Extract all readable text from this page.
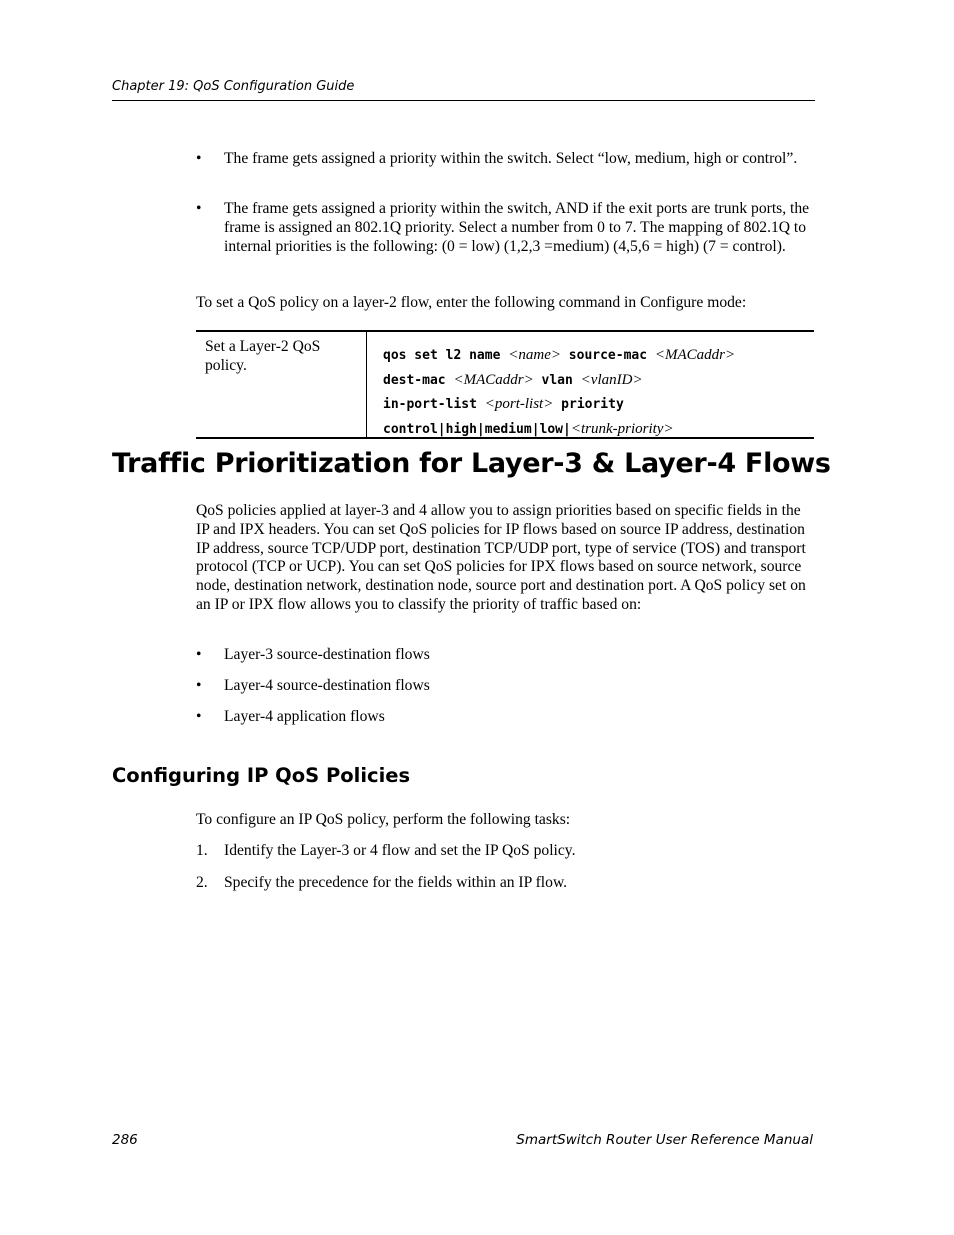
Chapter 19: QoS Configuration Guide
• The frame gets assigned a priority within the switch. Select “low, medium, high or control”.
• The frame gets assigned a priority within the switch, AND if the exit ports are trunk ports, the frame is assigned an 802.1Q priority. Select a number from 0 to 7. The mapping of 802.1Q to internal priorities is the following: (0 = low) (1,2,3 =medium) (4,5,6 = high) (7 = control).
To set a QoS policy on a layer-2 flow, enter the following command in Configure mode:
Set a Layer-2 QoS policy.

qos set l2 name <name> source-mac <MACaddr>
dest-mac <MACaddr> vlan <vlanID>
in-port-list <port-list> priority
control|high|medium|low|<trunk-priority>
Traffic Prioritization for Layer-3 & Layer-4 Flows
QoS policies applied at layer-3 and 4 allow you to assign priorities based on specific fields in the IP and IPX headers. You can set QoS policies for IP flows based on source IP address, destination IP address, source TCP/UDP port, destination TCP/UDP port, type of service (TOS) and transport protocol (TCP or UCP). You can set QoS policies for IPX flows based on source network, source node, destination network, destination node, source port and destination port. A QoS policy set on an IP or IPX flow allows you to classify the priority of traffic based on:
• Layer-3 source-destination flows
• Layer-4 source-destination flows
• Layer-4 application flows
Configuring IP QoS Policies
To configure an IP QoS policy, perform the following tasks:
1. Identify the Layer-3 or 4 flow and set the IP QoS policy.
2. Specify the precedence for the fields within an IP flow.
286	SmartSwitch Router User Reference Manual
